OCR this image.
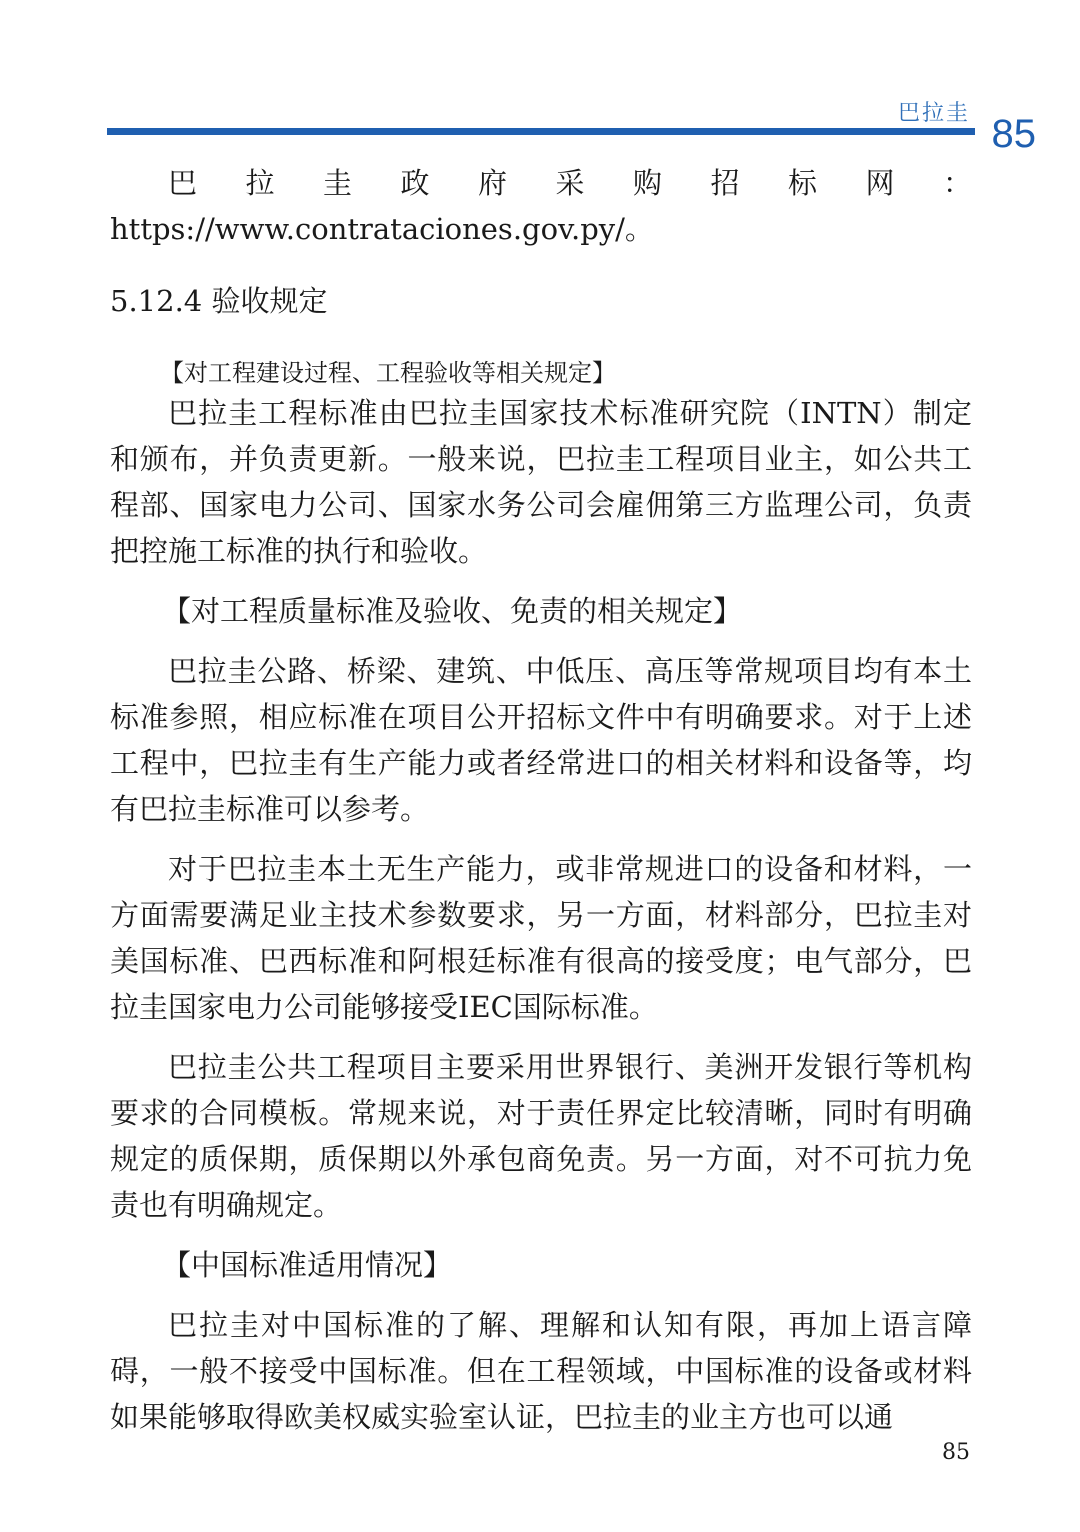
巴拉圭 85

巴拉圭政府采购招标网：https://www.contrataciones.gov.py/。

5.12.4 验收规定

【对工程建设过程、工程验收等相关规定】

巴拉圭工程标准由巴拉圭国家技术标准研究院（INTN）制定和颁布，并负责更新。一般来说，巴拉圭工程项目业主，如公共工程部、国家电力公司、国家水务公司会雇佣第三方监理公司，负责把控施工标准的执行和验收。

【对工程质量标准及验收、免责的相关规定】

巴拉圭公路、桥梁、建筑、中低压、高压等常规项目均有本土标准参照，相应标准在项目公开招标文件中有明确要求。对于上述工程中，巴拉圭有生产能力或者经常进口的相关材料和设备等，均有巴拉圭标准可以参考。

对于巴拉圭本土无生产能力，或非常规进口的设备和材料，一方面需要满足业主技术参数要求，另一方面，材料部分，巴拉圭对美国标准、巴西标准和阿根廷标准有很高的接受度；电气部分，巴拉圭国家电力公司能够接受IEC国际标准。

巴拉圭公共工程项目主要采用世界银行、美洲开发银行等机构要求的合同模板。常规来说，对于责任界定比较清晰，同时有明确规定的质保期，质保期以外承包商免责。另一方面，对不可抗力免责也有明确规定。

【中国标准适用情况】

巴拉圭对中国标准的了解、理解和认知有限，再加上语言障碍，一般不接受中国标准。但在工程领域，中国标准的设备或材料如果能够取得欧美权威实验室认证，巴拉圭的业主方也可以通

85
